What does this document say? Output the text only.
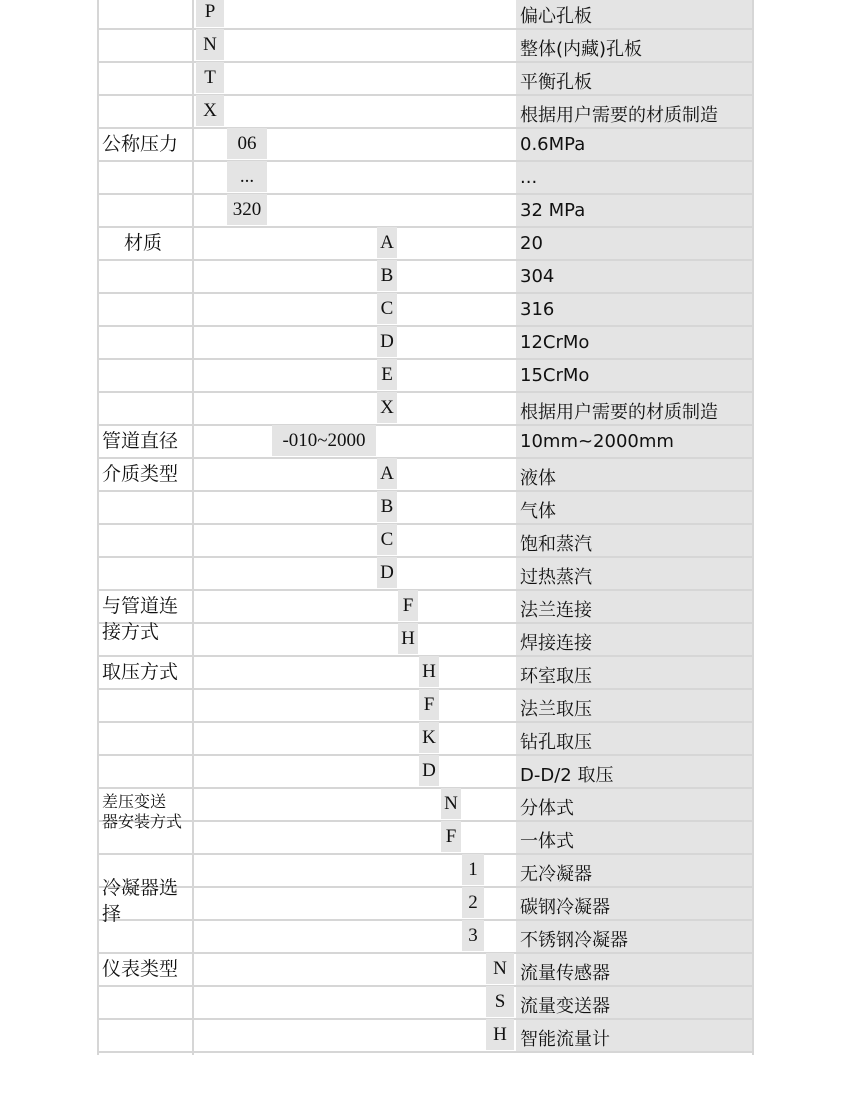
偏心孔板
整体(内藏)孔板
平衡孔板
根据用户需要的材质制造
0.6MPa
...
32 MPa
20
304
316
12CrMo
15CrMo
根据用户需要的材质制造
10mm~2000mm
液体
气体
饱和蒸汽
过热蒸汽
法兰连接
焊接连接
环室取压
法兰取压
钻孔取压
D-D/2 取压
分体式
一体式
无冷凝器
碳钢冷凝器
不锈钢冷凝器
流量传感器
流量变送器
智能流量计
公称压力
材质
管道直径
介质类型
与管道连
接方式
取压方式
差压变送
器安装方式
冷凝器选
择
仪表类型
P
N
T
X
06
...
320
A
B
C
D
E
X
-010~2000
A
B
C
D
F
H
H
F
K
D
N
F
1
2
3
N
S
H
